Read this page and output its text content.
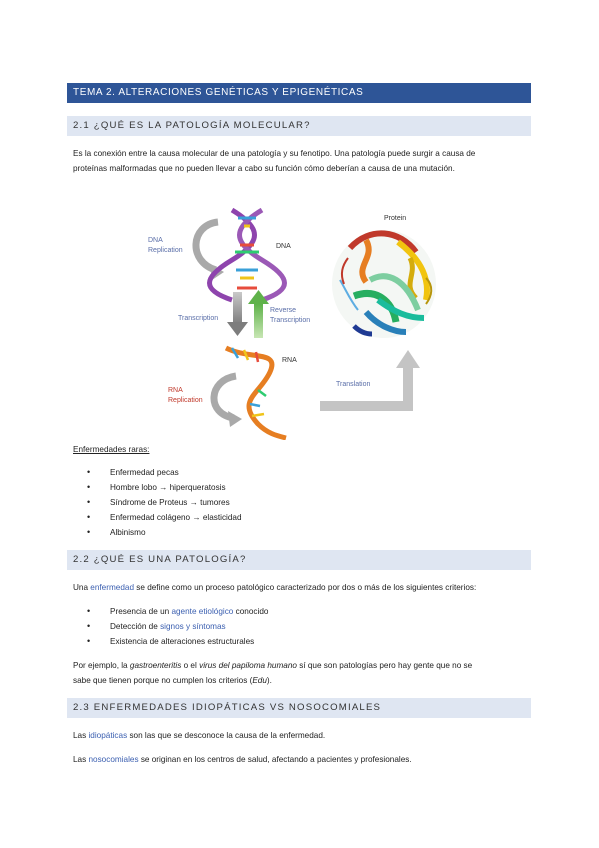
TEMA 2. ALTERACIONES GENÉTICAS Y EPIGENÉTICAS
2.1 ¿QUÉ ES LA PATOLOGÍA MOLECULAR?

Es la conexión entre la causa molecular de una patología y su fenotipo. Una patología puede surgir a causa de
proteínas malformadas que no pueden llevar a cabo su función cómo deberían a causa de una mutación.

DNA
Replication
DNA
Transcription
Reverse
Transcription
RNA
RNA
Replication
Translation
Protein

Enfermedades raras:

• Enfermedad pecas
• Hombre lobo → hiperqueratosis
• Síndrome de Proteus → tumores
• Enfermedad colágeno → elasticidad
• Albinismo
2.2 ¿QUÉ ES UNA PATOLOGÍA?

Una enfermedad se define como un proceso patológico caracterizado por dos o más de los siguientes criterios:

• Presencia de un agente etiológico conocido
• Detección de signos y síntomas
• Existencia de alteraciones estructurales

Por ejemplo, la gastroenteritis o el virus del papiloma humano sí que son patologías pero hay gente que no se
sabe que tienen porque no cumplen los criterios (Edu).

2.3 ENFERMEDADES IDIOPÁTICAS VS NOSOCOMIALES

Las idiopáticas son las que se desconoce la causa de la enfermedad.

Las nosocomiales se originan en los centros de salud, afectando a pacientes y profesionales.
